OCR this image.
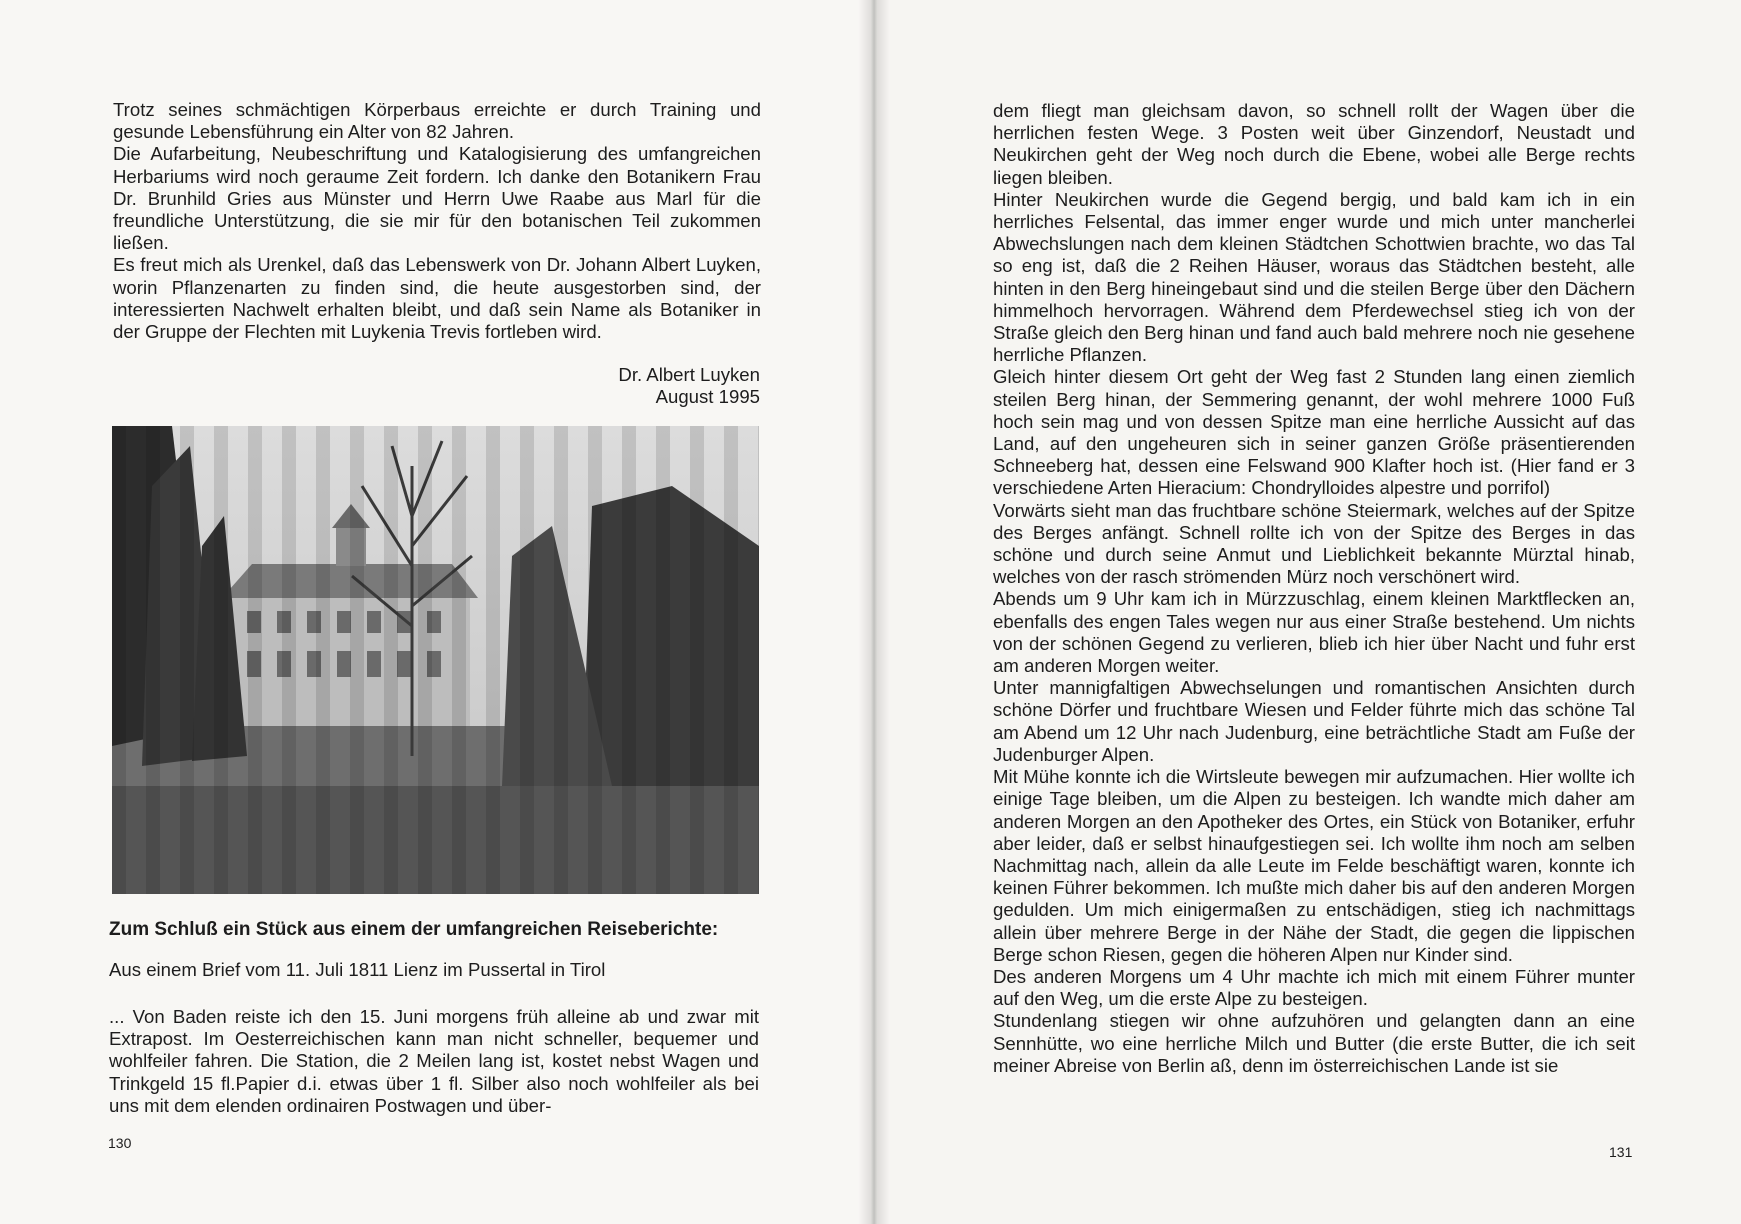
Trotz seines schmächtigen Körperbaus erreichte er durch Training und gesunde Lebensführung ein Alter von 82 Jahren.

Die Aufarbeitung, Neubeschriftung und Katalogisierung des umfangreichen Herbariums wird noch geraume Zeit fordern. Ich danke den Botanikern Frau Dr. Brunhild Gries aus Münster und Herrn Uwe Raabe aus Marl für die freundliche Unterstützung, die sie mir für den botanischen Teil zukommen ließen.

Es freut mich als Urenkel, daß das Lebenswerk von Dr. Johann Albert Luyken, worin Pflanzenarten zu finden sind, die heute ausgestorben sind, der interessierten Nachwelt erhalten bleibt, und daß sein Name als Botaniker in der Gruppe der Flechten mit Luykenia Trevis fortleben wird.

Dr. Albert Luyken
August 1995
Zum Schluß ein Stück aus einem der umfangreichen Reiseberichte:
Aus einem Brief vom 11. Juli 1811 Lienz im Pussertal in Tirol

... Von Baden reiste ich den 15. Juni morgens früh alleine ab und zwar mit Extrapost. Im Oesterreichischen kann man nicht schneller, bequemer und wohlfeiler fahren. Die Station, die 2 Meilen lang ist, kostet nebst Wagen und Trinkgeld 15 fl.Papier d.i. etwas über 1 fl. Silber also noch wohlfeiler als bei uns mit dem elenden ordinairen Postwagen und über-

130

dem fliegt man gleichsam davon, so schnell rollt der Wagen über die herrlichen festen Wege. 3 Posten weit über Ginzendorf, Neustadt und Neukirchen geht der Weg noch durch die Ebene, wobei alle Berge rechts liegen bleiben.

Hinter Neukirchen wurde die Gegend bergig, und bald kam ich in ein herrliches Felsental, das immer enger wurde und mich unter mancherlei Abwechslungen nach dem kleinen Städtchen Schottwien brachte, wo das Tal so eng ist, daß die 2 Reihen Häuser, woraus das Städtchen besteht, alle hinten in den Berg hineingebaut sind und die steilen Berge über den Dächern himmelhoch hervorragen. Während dem Pferdewechsel stieg ich von der Straße gleich den Berg hinan und fand auch bald mehrere noch nie gesehene herrliche Pflanzen.

Gleich hinter diesem Ort geht der Weg fast 2 Stunden lang einen ziemlich steilen Berg hinan, der Semmering genannt, der wohl mehrere 1000 Fuß hoch sein mag und von dessen Spitze man eine herrliche Aussicht auf das Land, auf den ungeheuren sich in seiner ganzen Größe präsentierenden Schneeberg hat, dessen eine Felswand 900 Klafter hoch ist. (Hier fand er 3 verschiedene Arten Hieracium: Chondrylloides alpestre und porrifol)

Vorwärts sieht man das fruchtbare schöne Steiermark, welches auf der Spitze des Berges anfängt. Schnell rollte ich von der Spitze des Berges in das schöne und durch seine Anmut und Lieblichkeit bekannte Mürztal hinab, welches von der rasch strömenden Mürz noch verschönert wird.

Abends um 9 Uhr kam ich in Mürzzuschlag, einem kleinen Marktflecken an, ebenfalls des engen Tales wegen nur aus einer Straße bestehend. Um nichts von der schönen Gegend zu verlieren, blieb ich hier über Nacht und fuhr erst am anderen Morgen weiter.

Unter mannigfaltigen Abwechselungen und romantischen Ansichten durch schöne Dörfer und fruchtbare Wiesen und Felder führte mich das schöne Tal am Abend um 12 Uhr nach Judenburg, eine beträchtliche Stadt am Fuße der Judenburger Alpen.

Mit Mühe konnte ich die Wirtsleute bewegen mir aufzumachen. Hier wollte ich einige Tage bleiben, um die Alpen zu besteigen. Ich wandte mich daher am anderen Morgen an den Apotheker des Ortes, ein Stück von Botaniker, erfuhr aber leider, daß er selbst hinaufgestiegen sei. Ich wollte ihm noch am selben Nachmittag nach, allein da alle Leute im Felde beschäftigt waren, konnte ich keinen Führer bekommen. Ich mußte mich daher bis auf den anderen Morgen gedulden. Um mich einigermaßen zu entschädigen, stieg ich nachmittags allein über mehrere Berge in der Nähe der Stadt, die gegen die lippischen Berge schon Riesen, gegen die höheren Alpen nur Kinder sind.

Des anderen Morgens um 4 Uhr machte ich mich mit einem Führer munter auf den Weg, um die erste Alpe zu besteigen.

Stundenlang stiegen wir ohne aufzuhören und gelangten dann an eine Sennhütte, wo eine herrliche Milch und Butter (die erste Butter, die ich seit meiner Abreise von Berlin aß, denn im österreichischen Lande ist sie

131
